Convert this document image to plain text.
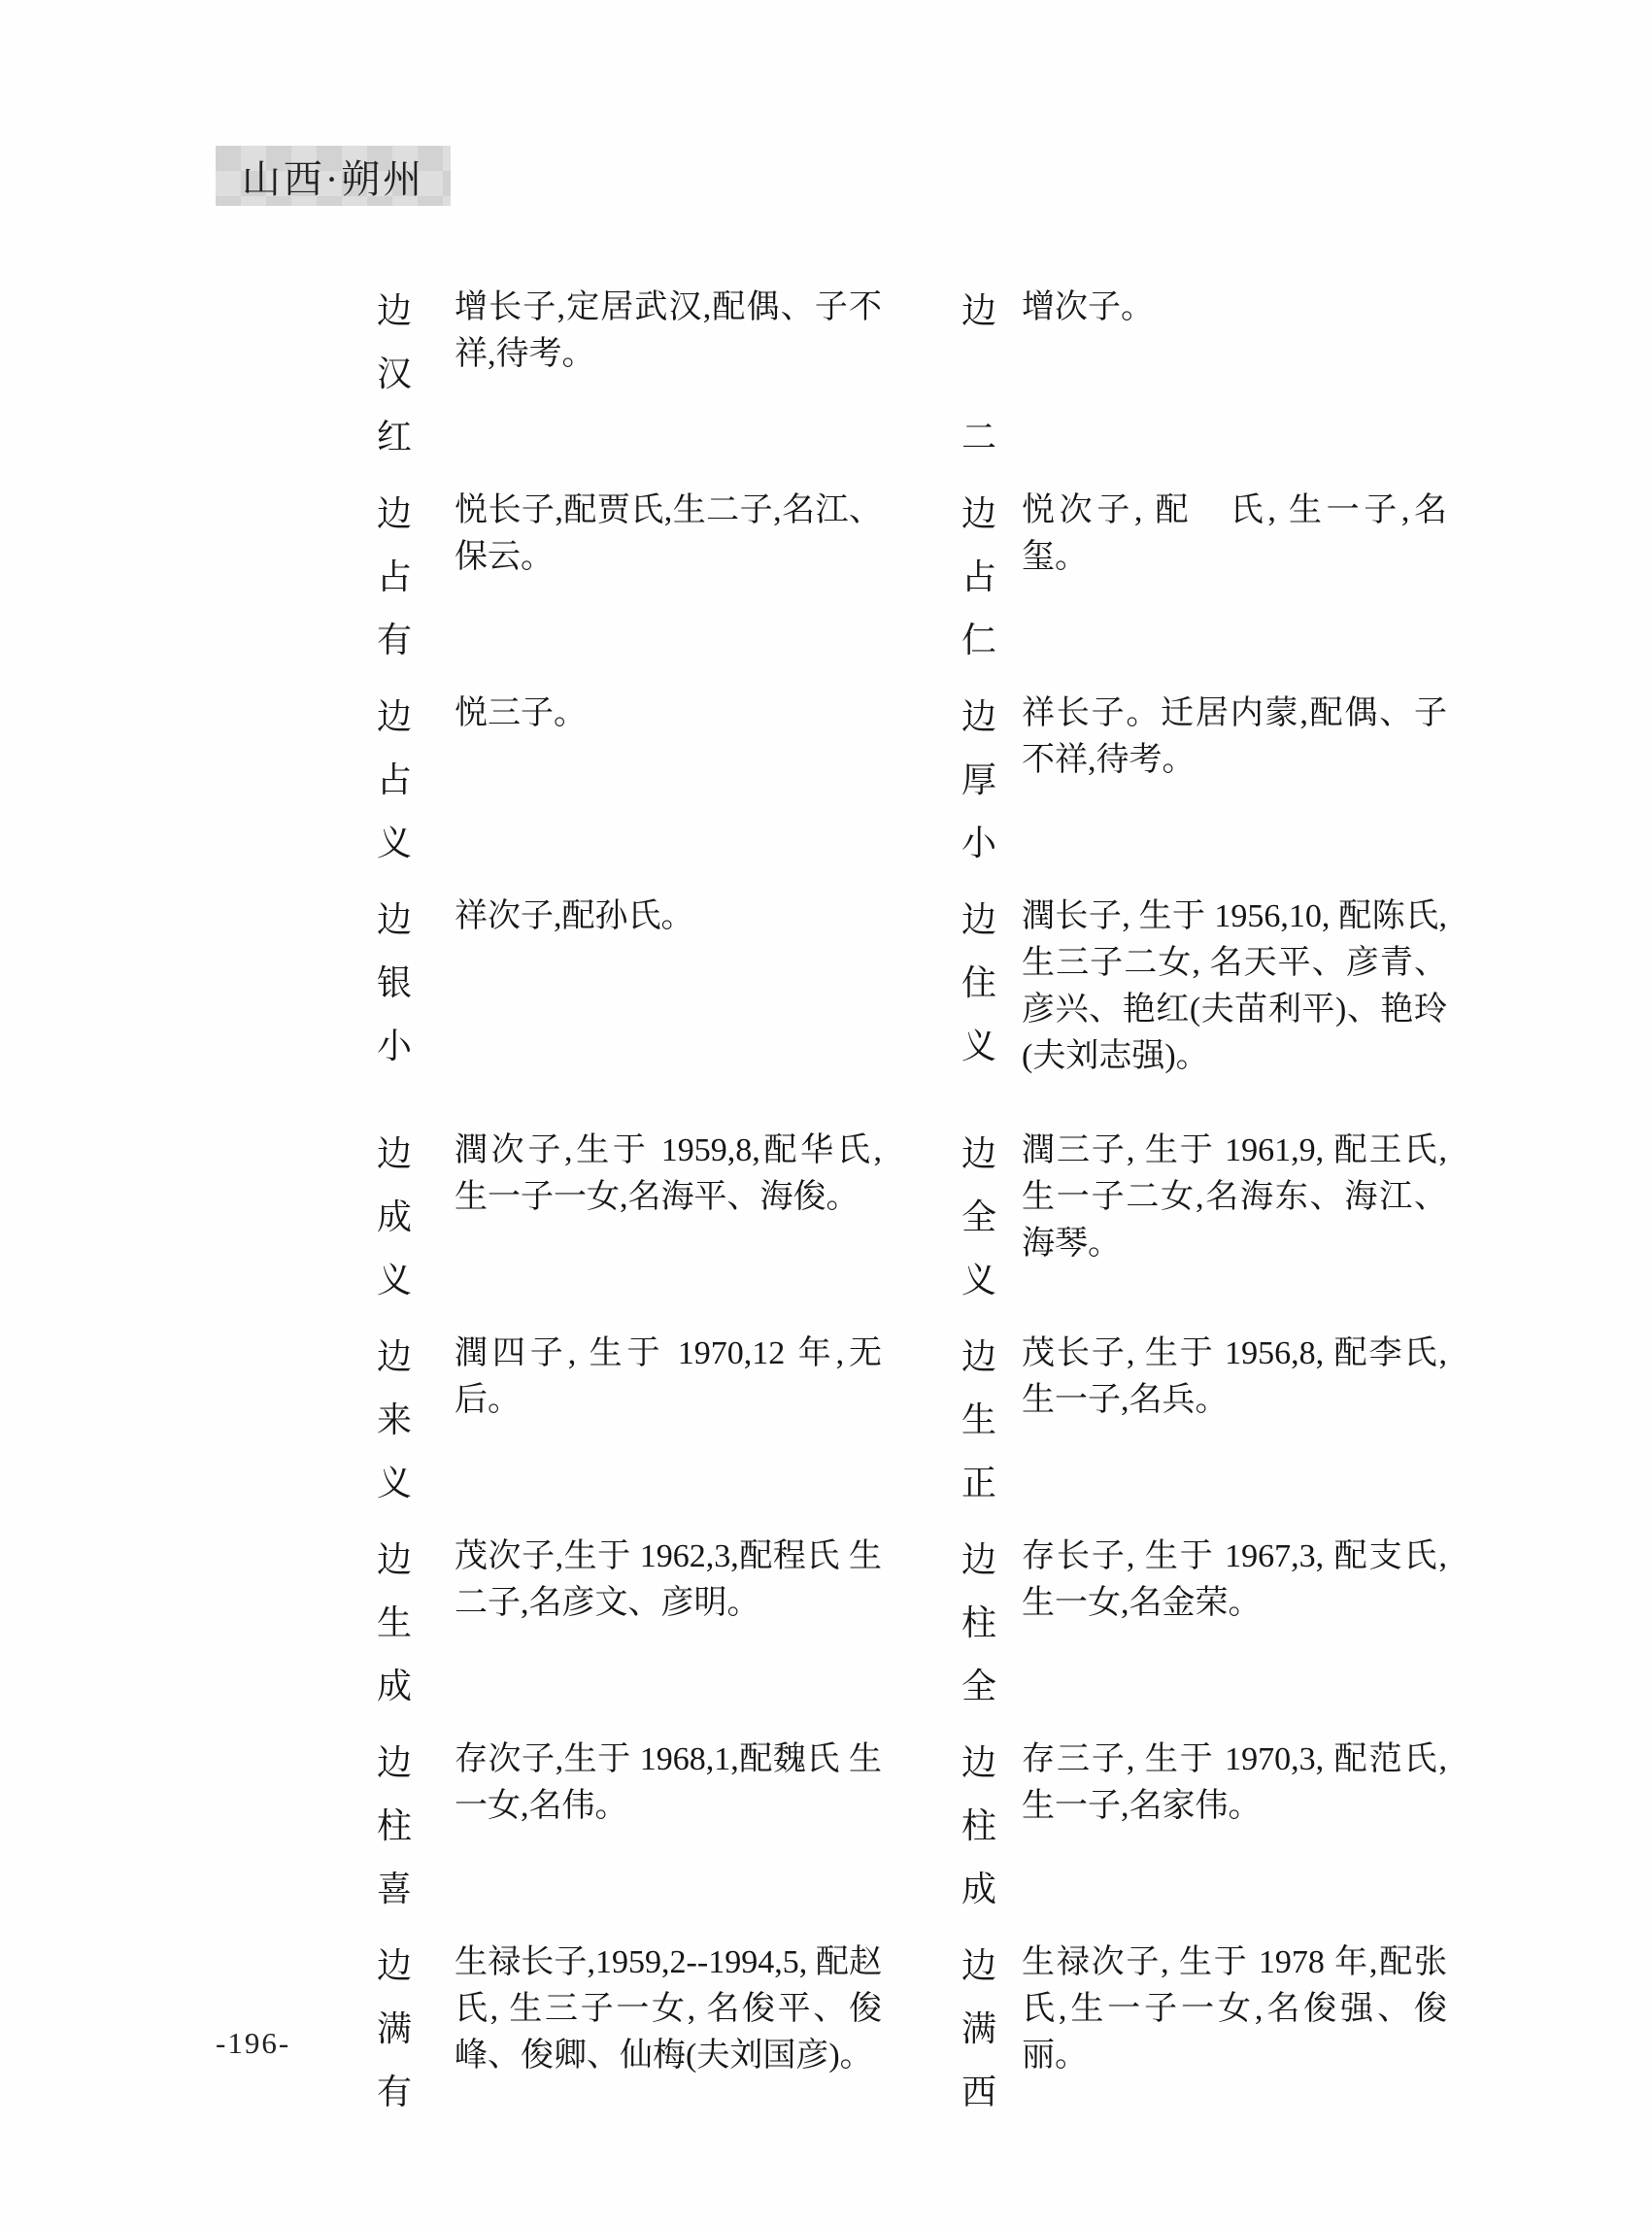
山西·朔州
边
汉
红
增长子,定居武汉,配偶、子不祥,待考。
边

二
增次子。
边
占
有
悦长子,配贾氏,生二子,名江、保云。
边
占
仁
悦次子, 配　氏, 生一子,名玺。
边
占
义
悦三子。	边
厚
小
祥长子。迁居内蒙,配偶、子不祥,待考。
边
银
小
祥次子,配孙氏。	边
住
义
潤长子, 生于 1956,10, 配陈氏,生三子二女, 名天平、彦青、彦兴、艳红(夫苗利平)、艳玲(夫刘志强)。
边
成
义
潤次子,生于 1959,8,配华氏, 生一子一女,名海平、海俊。
边
全
义
潤三子, 生于 1961,9, 配王氏,生一子二女,名海东、海江、海琴。
边
来
义
潤四子, 生于 1970,12 年,无后。
边
生
正
茂长子, 生于 1956,8, 配李氏,生一子,名兵。
边
生
成
茂次子,生于 1962,3,配程氏 生二子,名彦文、彦明。
边
柱
全
存长子, 生于 1967,3, 配支氏,生一女,名金荣。
边
柱
喜
存次子,生于 1968,1,配魏氏 生一女,名伟。
边
柱
成
存三子, 生于 1970,3, 配范氏,生一子,名家伟。
边
满
有
生禄长子,1959,2--1994,5, 配赵氏, 生三子一女, 名俊平、俊峰、俊卿、仙梅(夫刘国彦)。
边
满
西
生禄次子, 生于 1978 年,配张氏,生一子一女,名俊强、俊丽。
-196-
